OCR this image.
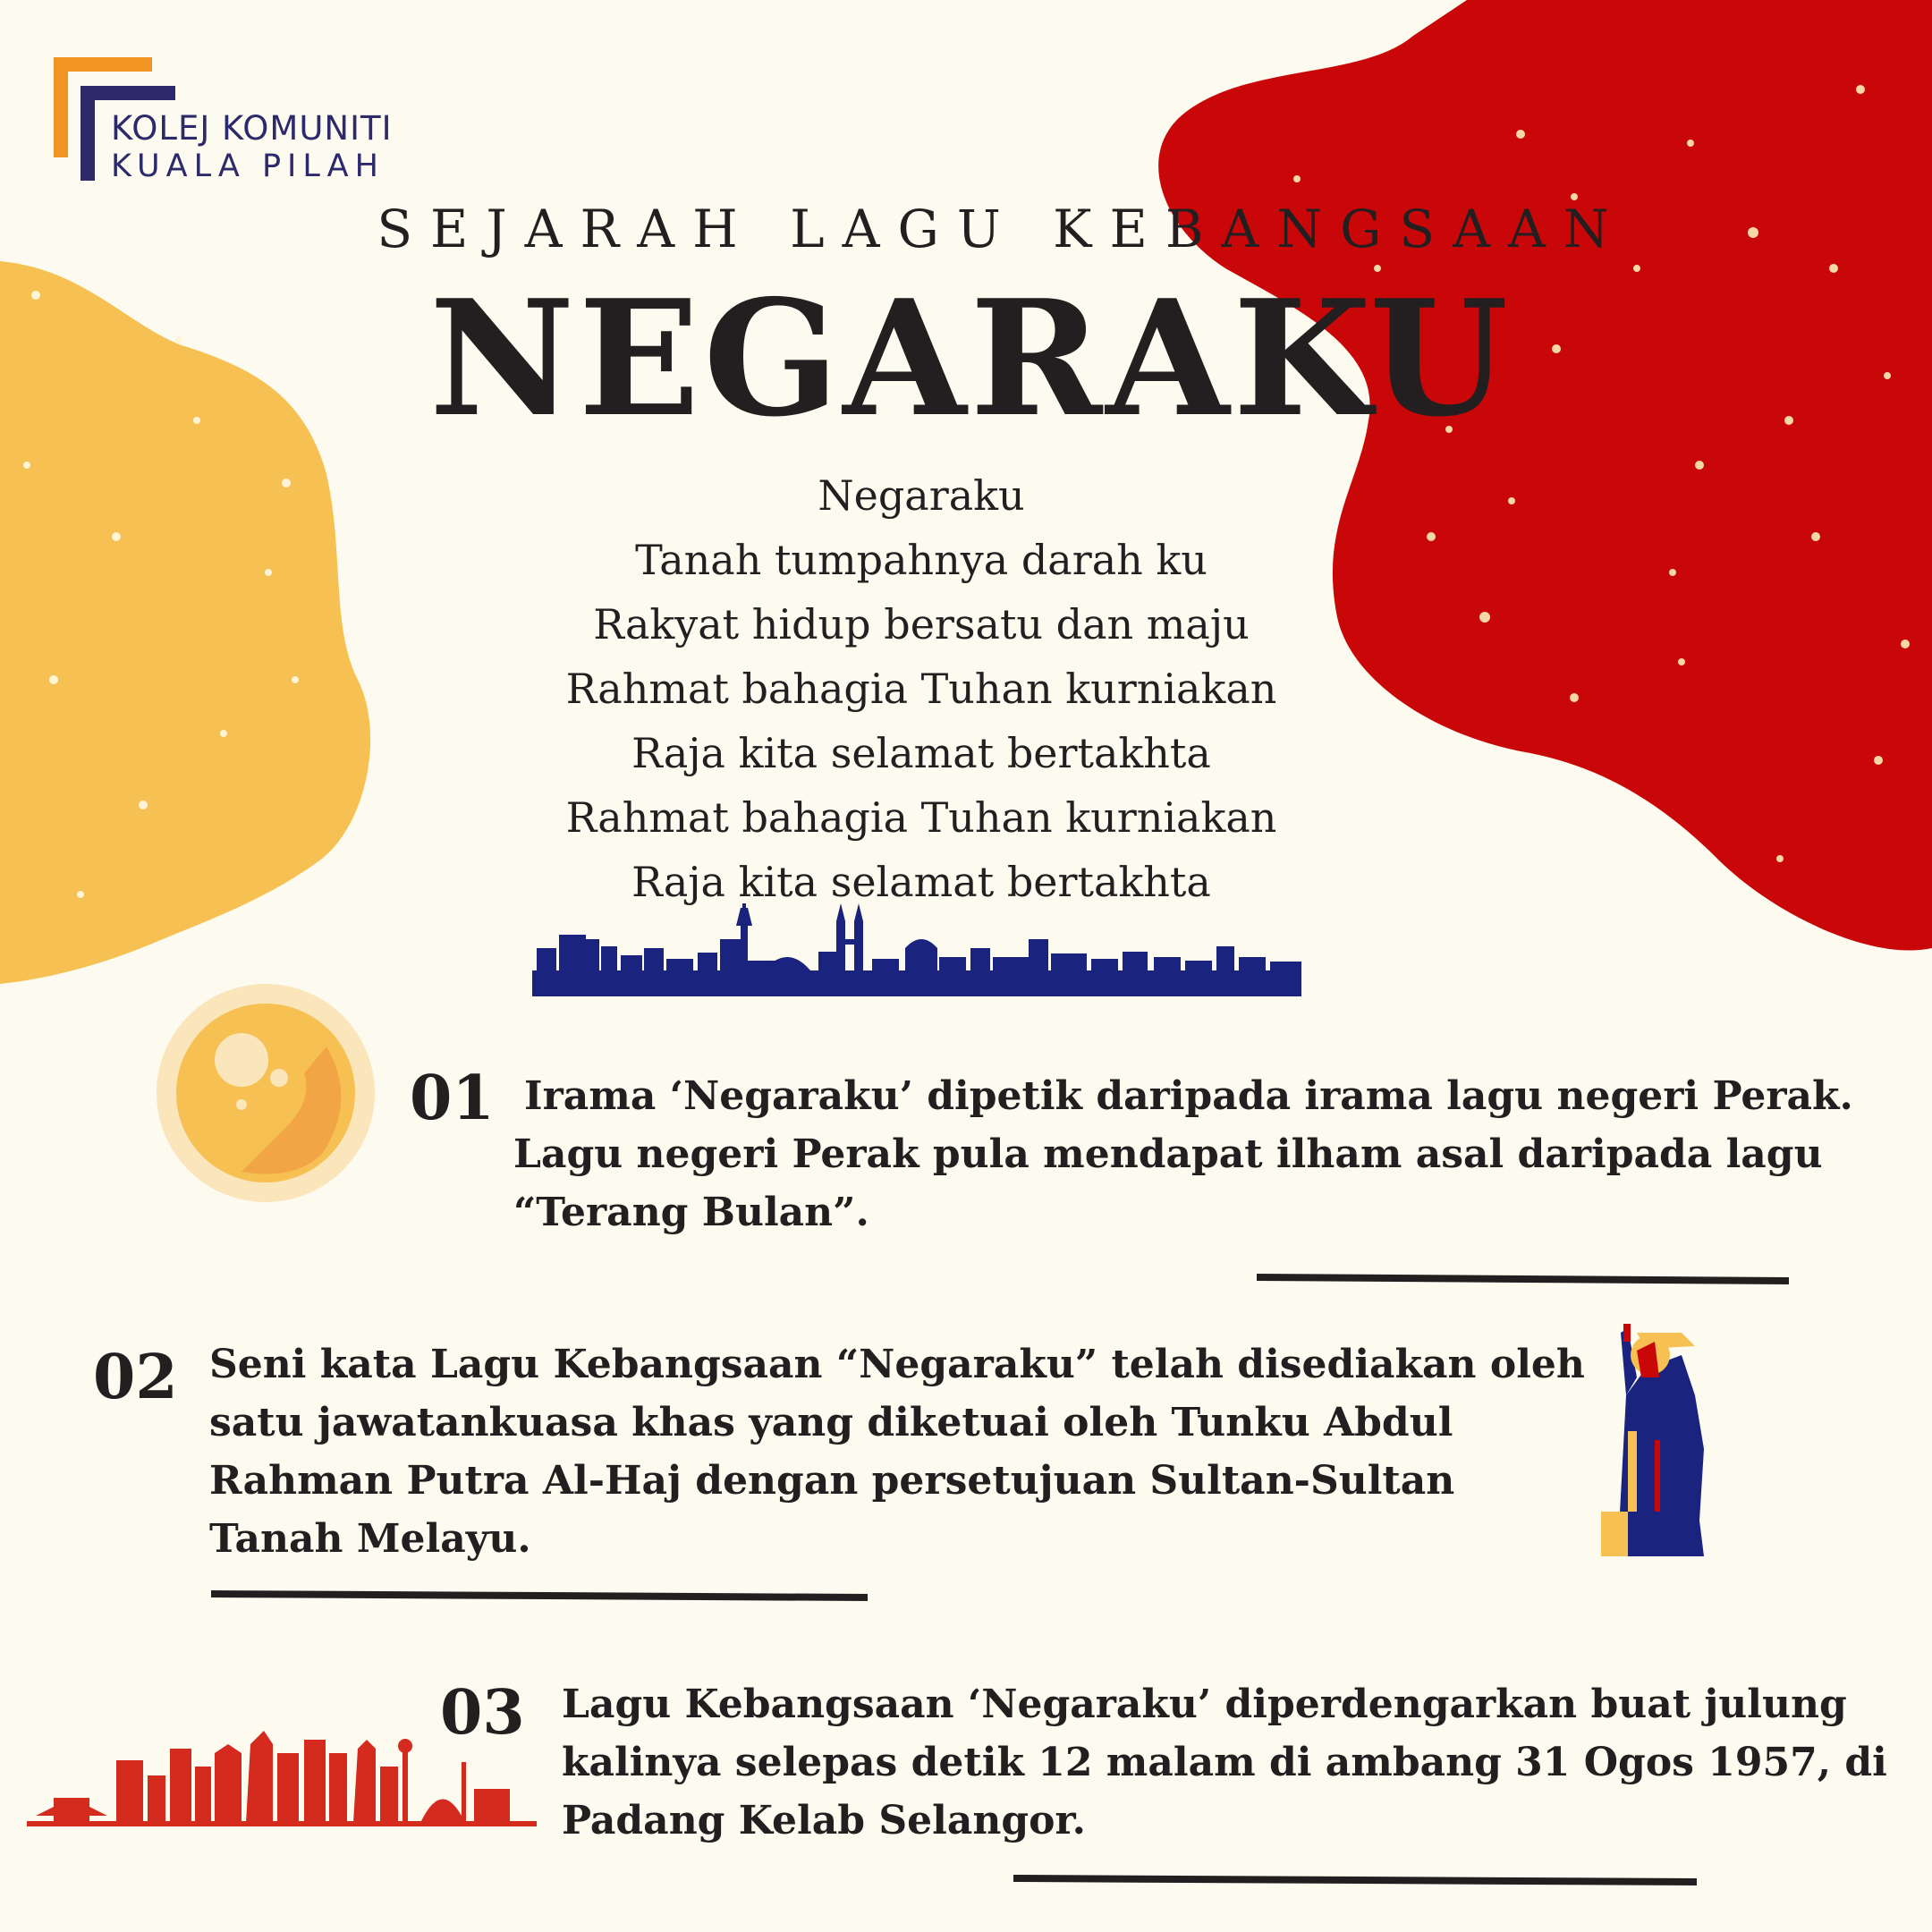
KOLEJ KOMUNITI
KUALA PILAH
SEJARAH LAGU KEBANGSAAN
NEGARAKU
Negaraku
Tanah tumpahnya darah ku
Rakyat hidup bersatu dan maju
Rahmat bahagia Tuhan kurniakan
Raja kita selamat bertakhta
Rahmat bahagia Tuhan kurniakan
Raja kita selamat bertakhta
01 Irama ‘Negaraku’ dipetik daripada irama lagu negeri Perak.
Lagu negeri Perak pula mendapat ilham asal daripada lagu
“Terang Bulan”.
02 Seni kata Lagu Kebangsaan “Negaraku” telah disediakan oleh
satu jawatankuasa khas yang diketuai oleh Tunku Abdul
Rahman Putra Al-Haj dengan persetujuan Sultan-Sultan
Tanah Melayu.
03 Lagu Kebangsaan ‘Negaraku’ diperdengarkan buat julung
kalinya selepas detik 12 malam di ambang 31 Ogos 1957, di
Padang Kelab Selangor.
